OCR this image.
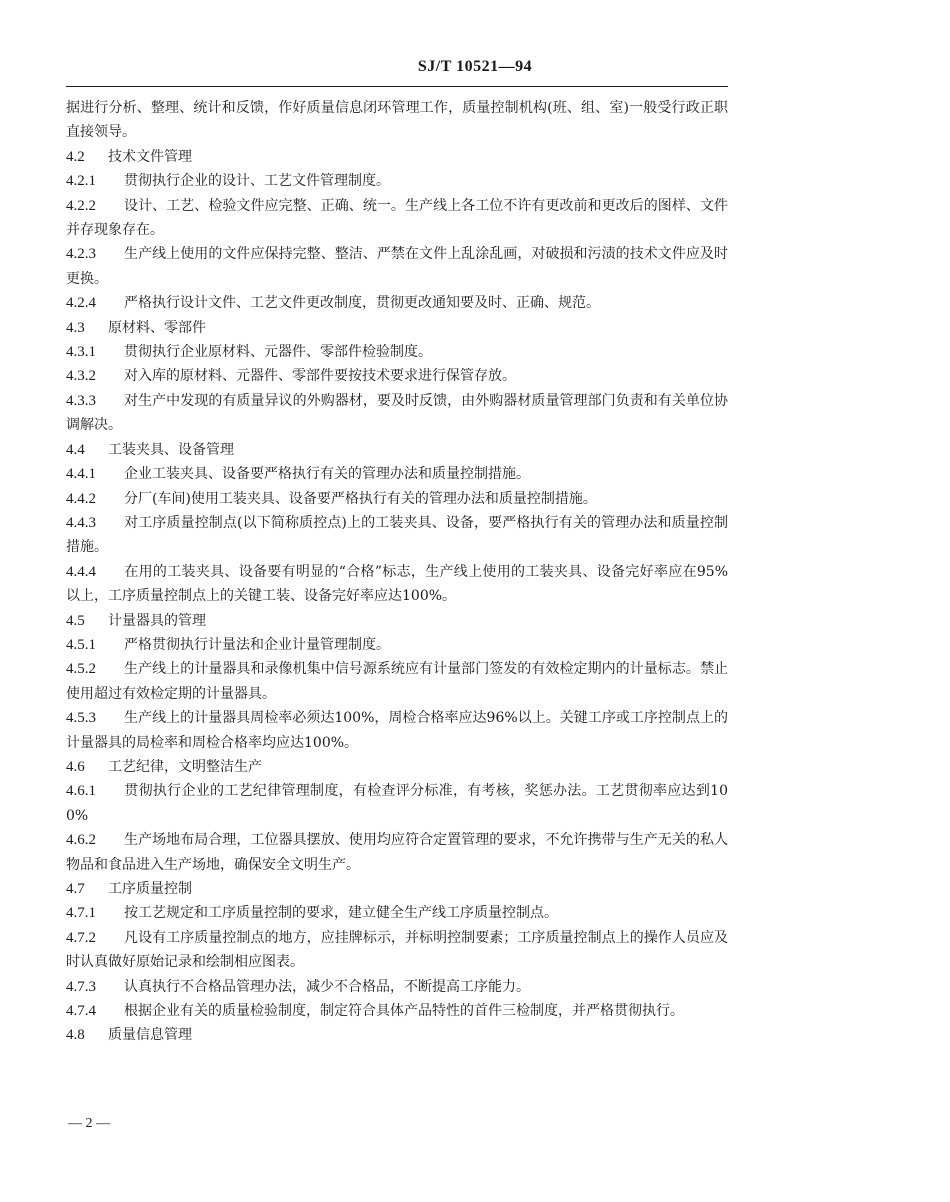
SJ/T 10521—94
据进行分析、整理、统计和反馈，作好质量信息闭环管理工作，质量控制机构(班、组、室)一般受行政正职直接领导。
4.2 技术文件管理
4.2.1 贯彻执行企业的设计、工艺文件管理制度。
4.2.2 设计、工艺、检验文件应完整、正确、统一。生产线上各工位不许有更改前和更改后的图样、文件并存现象存在。
4.2.3 生产线上使用的文件应保持完整、整洁、严禁在文件上乱涂乱画，对破损和污渍的技术文件应及时更换。
4.2.4 严格执行设计文件、工艺文件更改制度，贯彻更改通知要及时、正确、规范。
4.3 原材料、零部件
4.3.1 贯彻执行企业原材料、元器件、零部件检验制度。
4.3.2 对入库的原材料、元器件、零部件要按技术要求进行保管存放。
4.3.3 对生产中发现的有质量异议的外购器材，要及时反馈，由外购器材质量管理部门负责和有关单位协调解决。
4.4 工装夹具、设备管理
4.4.1 企业工装夹具、设备要严格执行有关的管理办法和质量控制措施。
4.4.2 分厂(车间)使用工装夹具、设备要严格执行有关的管理办法和质量控制措施。
4.4.3 对工序质量控制点(以下简称质控点)上的工装夹具、设备，要严格执行有关的管理办法和质量控制措施。
4.4.4 在用的工装夹具、设备要有明显的“合格”标志，生产线上使用的工装夹具、设备完好率应在95%以上，工序质量控制点上的关键工装、设备完好率应达100%。
4.5 计量器具的管理
4.5.1 严格贯彻执行计量法和企业计量管理制度。
4.5.2 生产线上的计量器具和录像机集中信号源系统应有计量部门签发的有效检定期内的计量标志。禁止使用超过有效检定期的计量器具。
4.5.3 生产线上的计量器具周检率必须达100%，周检合格率应达96%以上。关键工序或工序控制点上的计量器具的局检率和周检合格率均应达100%。
4.6 工艺纪律，文明整洁生产
4.6.1 贯彻执行企业的工艺纪律管理制度，有检查评分标准，有考核，奖惩办法。工艺贯彻率应达到100%
4.6.2 生产场地布局合理，工位器具摆放、使用均应符合定置管理的要求，不允许携带与生产无关的私人物品和食品进入生产场地，确保安全文明生产。
4.7 工序质量控制
4.7.1 按工艺规定和工序质量控制的要求，建立健全生产线工序质量控制点。
4.7.2 凡设有工序质量控制点的地方，应挂牌标示，并标明控制要素；工序质量控制点上的操作人员应及时认真做好原始记录和绘制相应图表。
4.7.3 认真执行不合格品管理办法，减少不合格品，不断提高工序能力。
4.7.4 根据企业有关的质量检验制度，制定符合具体产品特性的首件三检制度，并严格贯彻执行。
4.8 质量信息管理
— 2 —
